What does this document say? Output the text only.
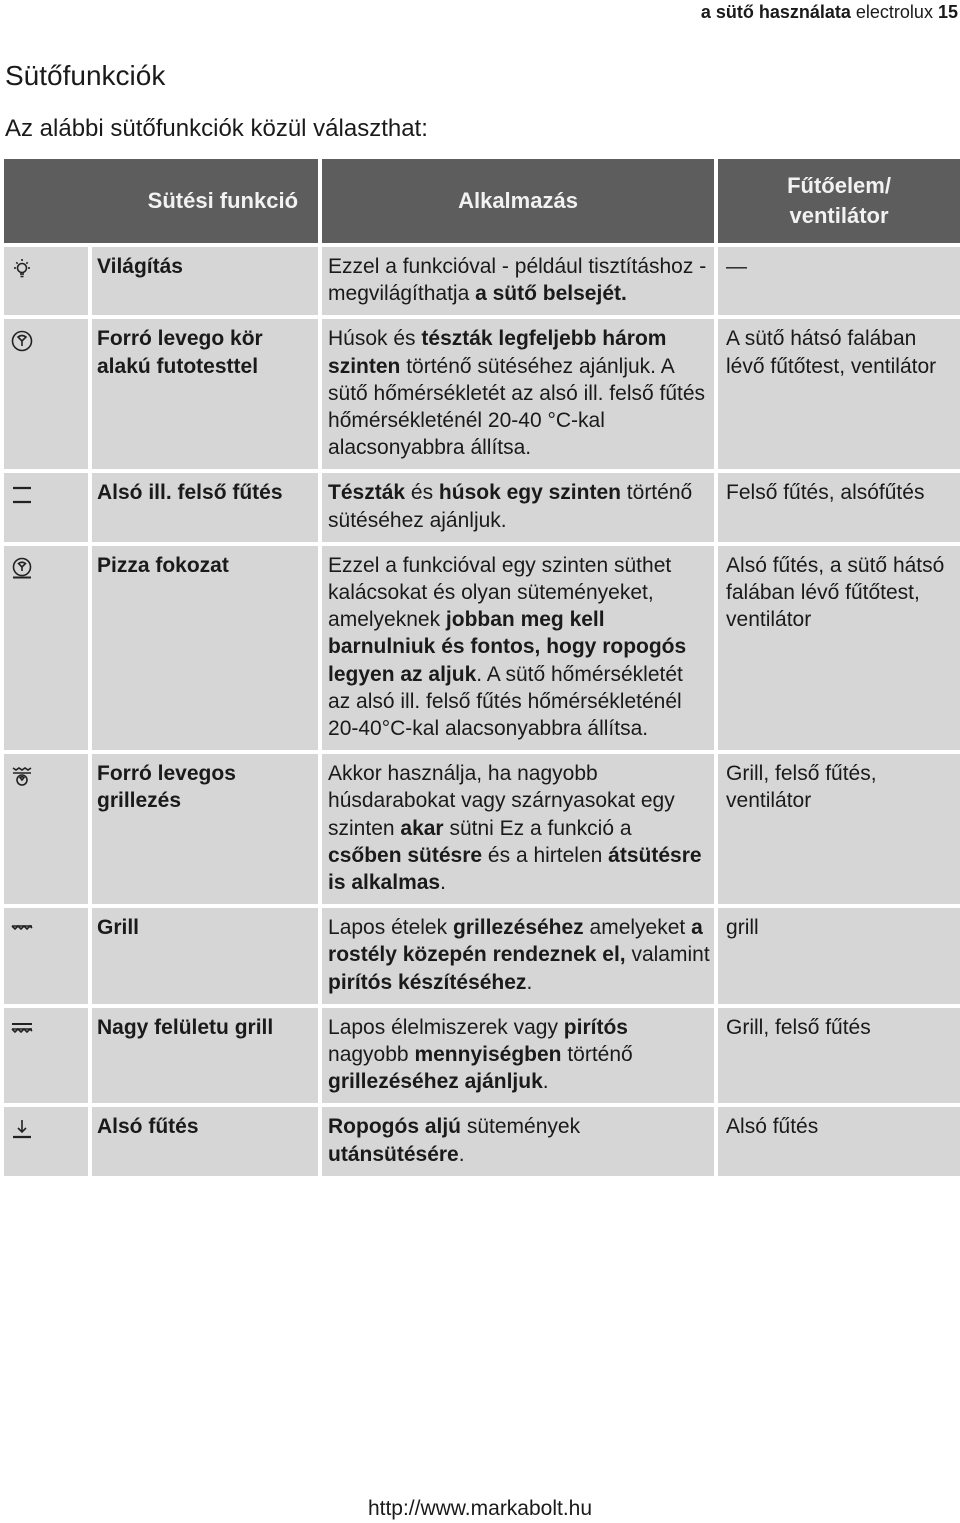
a sütő használata electrolux 15
Sütőfunkciók

Az alábbi sütőfunkciók közül választhat:

Sütési funkció		Alkalmazás	Fűtőelem/
ventilátor
	Világítás	Ezzel a funkcióval - például tisztításhoz - megvilágíthatja a sütő belsejét.	—
	Forró levego kör alakú futotesttel	Húsok és tészták legfeljebb három szinten történő sütéséhez ajánljuk. A sütő hőmérsékletét az alsó ill. felső fűtés hőmérsékleténél 20-40 °C-kal alacsonyabbra állítsa.	A sütő hátsó falában lévő fűtőtest, ventilátor
	Alsó ill. felső fűtés	Tészták és húsok egy szinten történő sütéséhez ajánljuk.	Felső fűtés, alsófűtés
	Pizza fokozat	Ezzel a funkcióval egy szinten süthet kalácsokat és olyan süteményeket, amelyeknek jobban meg kell barnulniuk és fontos, hogy ropogós legyen az aljuk. A sütő hőmérsékletét az alsó ill. felső fűtés hőmérsékleténél 20-40°C-kal alacsonyabbra állítsa.	Alsó fűtés, a sütő hátsó falában lévő fűtőtest, ventilátor
	Forró levegos grillezés	Akkor használja, ha nagyobb húsdarabokat vagy szárnyasokat egy szinten akar sütni Ez a funkció a csőben sütésre és a hirtelen átsütésre is alkalmas.	Grill, felső fűtés, ventilátor
	Grill	Lapos ételek grillezéséhez amelyeket a rostély közepén rendeznek el, valamint pirítós készítéséhez.	grill
	Nagy felületu grill	Lapos élelmiszerek vagy pirítós nagyobb mennyiségben történő grillezéséhez ajánljuk.	Grill, felső fűtés
	Alsó fűtés	Ropogós aljú sütemények utánsütésére.	Alsó fűtés
http://www.markabolt.hu
